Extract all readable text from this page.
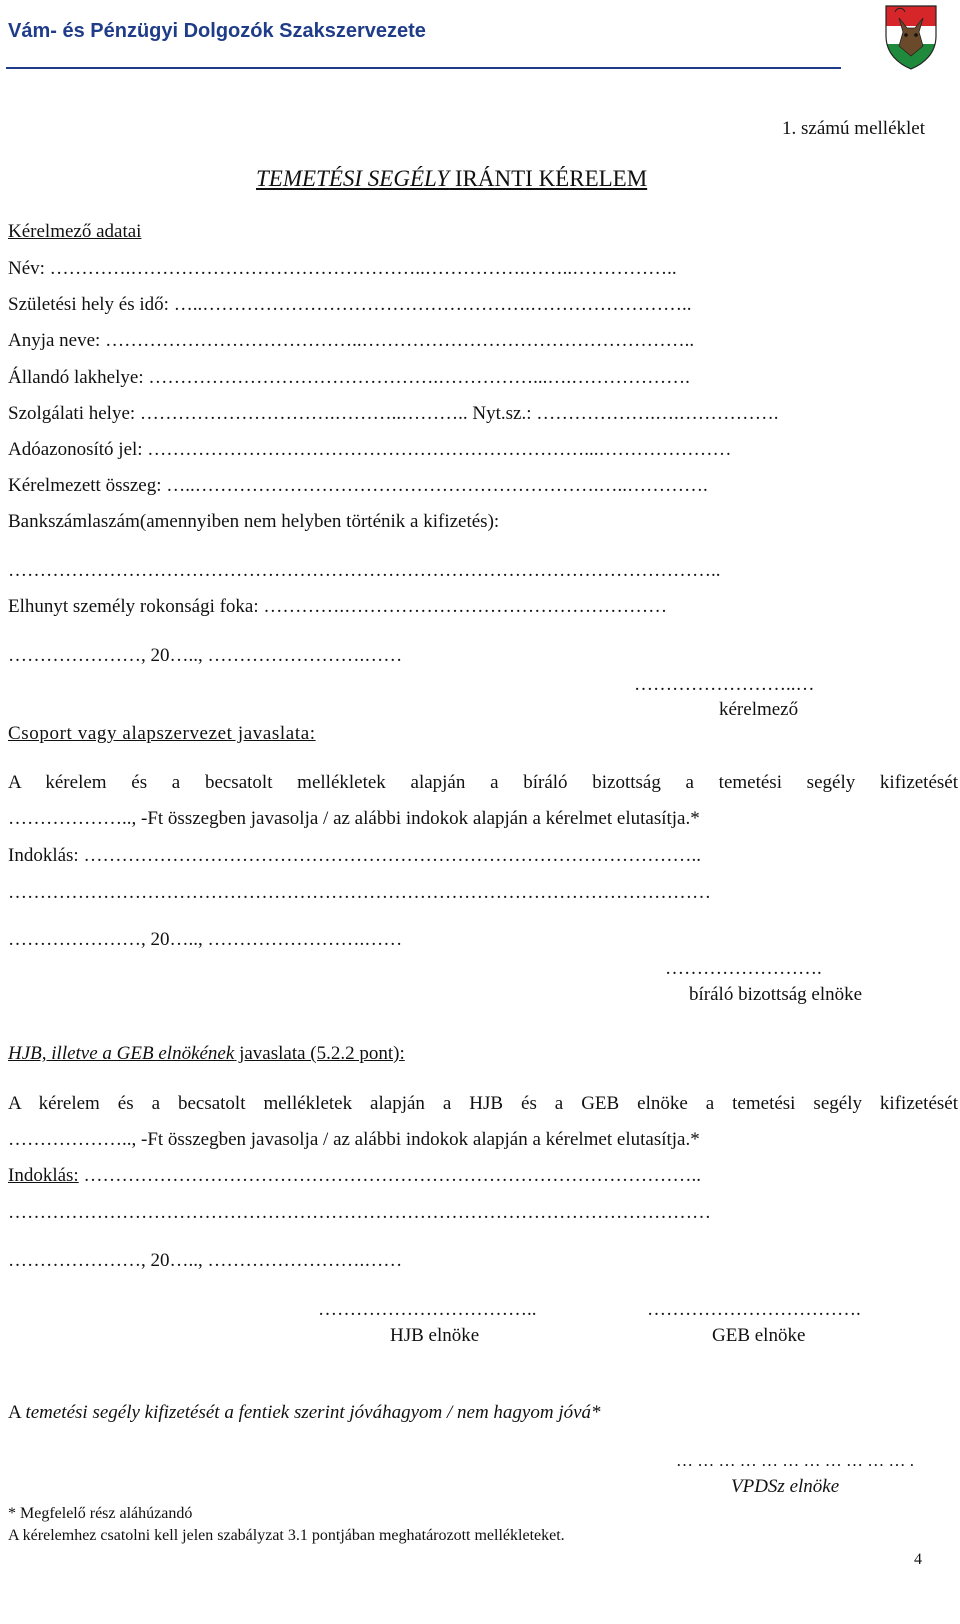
Vám- és Pénzügyi Dolgozók Szakszervezete
1. számú melléklet
TEMETÉSI SEGÉLY IRÁNTI KÉRELEM
Kérelmező adatai
Név: ………….………………………………………..…………….……..……………..
Születési hely és idő: …..…………………………………………….……………………..
Anyja neve: …………………………………..……………………………………………..
Állandó lakhelye: ……………………………………….……………...….……………….
Szolgálati helye: ………………………….………..……….. Nyt.sz.: ……………….….…………….
Adóazonosító jel: ……………………………………………………………...…………………
Kérelmezett összeg: …..……………………………………………………….…..………….
Bankszámlaszám(amennyiben nem helyben történik a kifizetés):
…………………………………………………………………………………………………..
Elhunyt személy rokonsági foka: ………….……………………………………………
…………………, 20….., …………………….……
……………………..…
kérelmező
Csoport vagy alapszervezet javaslata:
A kérelem és a becsatolt mellékletek alapján a bíráló bizottság a temetési segély kifizetését
……………….., -Ft összegben javasolja / az alábbi indokok alapján a kérelmet elutasítja.*
Indoklás: ……………………………………………………………………………………..
…………………………………………………………………………………………………
…………………, 20….., …………………….……
…………………….
bíráló bizottság elnöke
HJB, illetve a GEB elnökének javaslata (5.2.2 pont):
A kérelem és a becsatolt mellékletek alapján a HJB és a GEB elnöke a temetési segély kifizetését
……………….., -Ft összegben javasolja / az alábbi indokok alapján a kérelmet elutasítja.*
Indoklás: ……………………………………………………………………………………..
…………………………………………………………………………………………………
…………………, 20….., …………………….……
……………………………..
HJB elnöke
…………………………….
GEB elnöke
A temetési segély kifizetését a fentiek szerint jóváhagyom / nem hagyom jóvá*
… … … … … … … … … … … .
VPDSz elnöke
* Megfelelő rész aláhúzandó
A kérelemhez csatolni kell jelen szabályzat 3.1 pontjában meghatározott mellékleteket.
4
